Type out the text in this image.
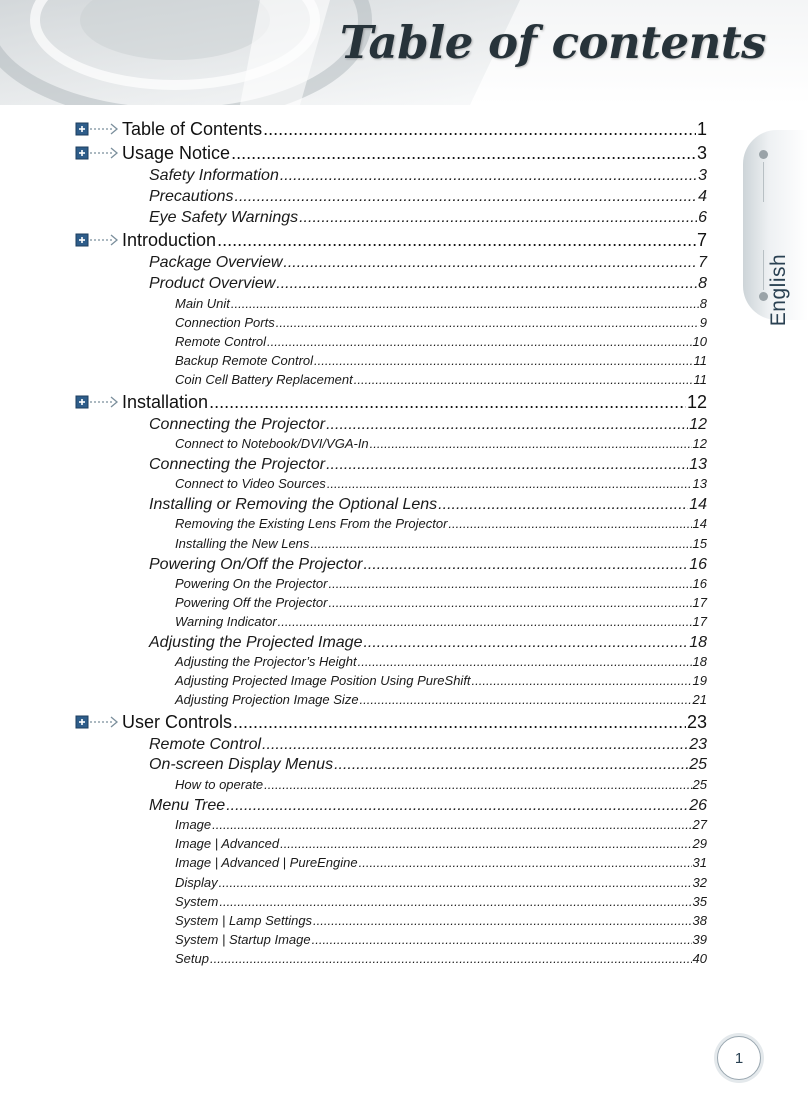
Table of contents
English
Table of Contents .....	1
Usage Notice .....	3
Safety Information .....	3
Precautions .....	4
Eye Safety Warnings .....	6
Introduction .....	7
Package Overview .....	7
Product Overview .....	8
Main Unit .....	8
Connection Ports .....	9
Remote Control .....	10
Backup Remote Control .....	11
Coin Cell Battery Replacement .....	11
Installation .....	12
Connecting the Projector .....	12
Connect to Notebook/DVI/VGA-In .....	12
Connecting the Projector .....	13
Connect to Video Sources .....	13
Installing or Removing the Optional Lens .....	14
Removing the Existing Lens From the Projector .....	14
Installing the New Lens .....	15
Powering On/Off the Projector .....	16
Powering On the Projector .....	16
Powering Off the Projector .....	17
Warning Indicator .....	17
Adjusting the Projected Image .....	18
Adjusting the Projector’s Height .....	18
Adjusting Projected Image Position Using PureShift .....	19
Adjusting Projection Image Size .....	21
User Controls .....	23
Remote Control .....	23
On-screen Display Menus .....	25
How to operate .....	25
Menu Tree .....	26
Image .....	27
Image | Advanced .....	29
Image | Advanced | PureEngine .....	31
Display .....	32
System .....	35
System | Lamp Settings .....	38
System | Startup Image .....	39
Setup .....	40
1
